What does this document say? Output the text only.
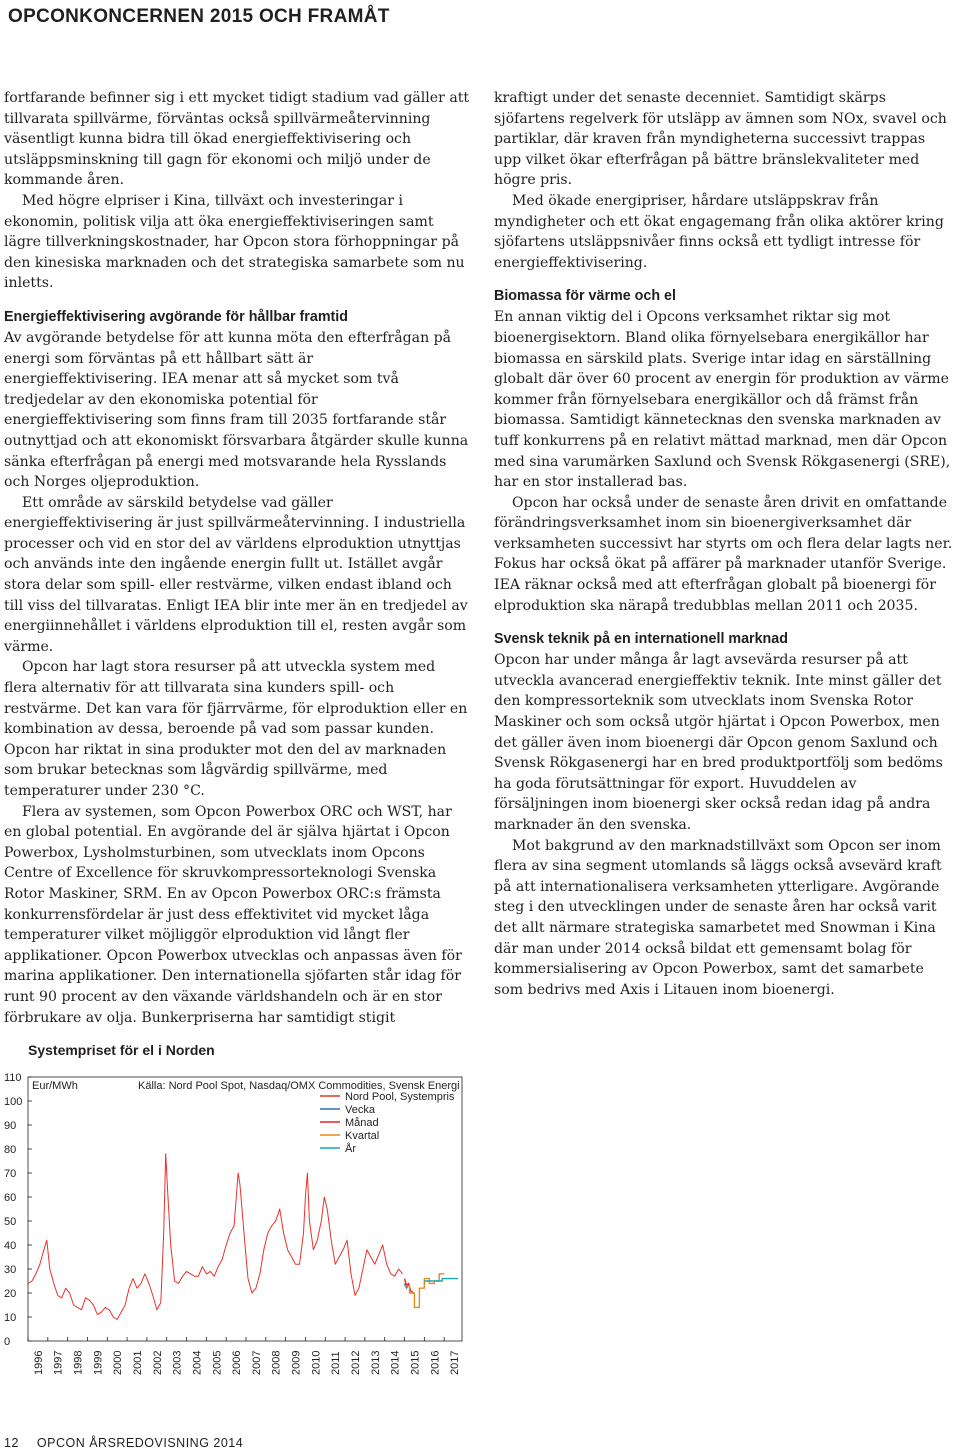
OPCONKONCERNEN 2015 OCH FRAMÅT

fortfarande befinner sig i ett mycket tidigt stadium vad gäller att tillvarata spillvärme, förväntas också spillvärmeåtervinning väsentligt kunna bidra till ökad energieffektivisering och utsläppsminskning till gagn för ekonomi och miljö under de kommande åren.

Med högre elpriser i Kina, tillväxt och investeringar i ekonomin, politisk vilja att öka energieffektiviseringen samt lägre tillverkningskostnader, har Opcon stora förhoppningar på den kinesiska marknaden och det strategiska samarbete som nu inletts.

Energieffektivisering avgörande för hållbar framtid

Av avgörande betydelse för att kunna möta den efterfrågan på energi som förväntas på ett hållbart sätt är energieffektivisering. IEA menar att så mycket som två tredjedelar av den ekonomiska potential för energieffektivisering som finns fram till 2035 fortfarande står outnyttjad och att ekonomiskt försvarbara åtgärder skulle kunna sänka efterfrågan på energi med motsvarande hela Rysslands och Norges oljeproduktion.

Ett område av särskild betydelse vad gäller energieffektivisering är just spillvärmeåtervinning. I industriella processer och vid en stor del av världens elproduktion utnyttjas och används inte den ingående energin fullt ut. Istället avgår stora delar som spill- eller restvärme, vilken endast ibland och till viss del tillvaratas. Enligt IEA blir inte mer än en tredjedel av energiinnehållet i världens elproduktion till el, resten avgår som värme.

Opcon har lagt stora resurser på att utveckla system med flera alternativ för att tillvarata sina kunders spill- och restvärme. Det kan vara för fjärrvärme, för elproduktion eller en kombination av dessa, beroende på vad som passar kunden. Opcon har riktat in sina produkter mot den del av marknaden som brukar betecknas som lågvärdig spillvärme, med temperaturer under 230 °C.

Flera av systemen, som Opcon Powerbox ORC och WST, har en global potential. En avgörande del är själva hjärtat i Opcon Powerbox, Lysholmsturbinen, som utvecklats inom Opcons Centre of Excellence för skruvkompressorteknologi Svenska Rotor Maskiner, SRM. En av Opcon Powerbox ORC:s främsta konkurrensfördelar är just dess effektivitet vid mycket låga temperaturer vilket möjliggör elproduktion vid långt fler applikationer. Opcon Powerbox utvecklas och anpassas även för marina applikationer. Den internationella sjöfarten står idag för runt 90 procent av den växande världshandeln och är en stor förbrukare av olja. Bunkerpriserna har samtidigt stigit

kraftigt under det senaste decenniet. Samtidigt skärps sjöfartens regelverk för utsläpp av ämnen som NOx, svavel och partiklar, där kraven från myndigheterna successivt trappas upp vilket ökar efterfrågan på bättre bränslekvaliteter med högre pris.

Med ökade energipriser, hårdare utsläppskrav från myndigheter och ett ökat engagemang från olika aktörer kring sjöfartens utsläppsnivåer finns också ett tydligt intresse för energieffektivisering.

Biomassa för värme och el

En annan viktig del i Opcons verksamhet riktar sig mot bioenergisektorn. Bland olika förnyelsebara energikällor har biomassa en särskild plats. Sverige intar idag en särställning globalt där över 60 procent av energin för produktion av värme kommer från förnyelsebara energikällor och då främst från biomassa. Samtidigt kännetecknas den svenska marknaden av tuff konkurrens på en relativt mättad marknad, men där Opcon med sina varumärken Saxlund och Svensk Rökgasenergi (SRE), har en stor installerad bas.

Opcon har också under de senaste åren drivit en omfattande förändringsverksamhet inom sin bioenergiverksamhet där verksamheten successivt har styrts om och flera delar lagts ner. Fokus har också ökat på affärer på marknader utanför Sverige. IEA räknar också med att efterfrågan globalt på bioenergi för elproduktion ska närapå tredubblas mellan 2011 och 2035.

Svensk teknik på en internationell marknad

Opcon har under många år lagt avsevärda resurser på att utveckla avancerad energieffektiv teknik. Inte minst gäller det den kompressorteknik som utvecklats inom Svenska Rotor Maskiner och som också utgör hjärtat i Opcon Powerbox, men det gäller även inom bioenergi där Opcon genom Saxlund och Svensk Rökgasenergi har en bred produktportfölj som bedöms ha goda förutsättningar för export. Huvuddelen av försäljningen inom bioenergi sker också redan idag på andra marknader än den svenska.

Mot bakgrund av den marknadstillväxt som Opcon ser inom flera av sina segment utomlands så läggs också avsevärd kraft på att internationalisera verksamheten ytterligare. Avgörande steg i den utvecklingen under de senaste åren har också varit det allt närmare strategiska samarbetet med Snowman i Kina där man under 2014 också bildat ett gemensamt bolag för kommersialisering av Opcon Powerbox, samt det samarbete som bedrivs med Axis i Litauen inom bioenergi.

Systempriset för el i Norden
0
10
20
30
40
50
60
70
80
90
100
110
1996 1997 1998 1999 2000 2001 2002 2003 2004 2005 2006 2007 2008 2009 2010 2011 2012 2013 2014 2015 2016 2017
Eur/MWh	Källa: Nord Pool Spot, Nasdaq/OMX Commodities, Svensk Energi
Nord Pool, Systempris
Vecka
Månad
Kvartal
År
12 OPCON ÅRSREDOVISNING 2014
